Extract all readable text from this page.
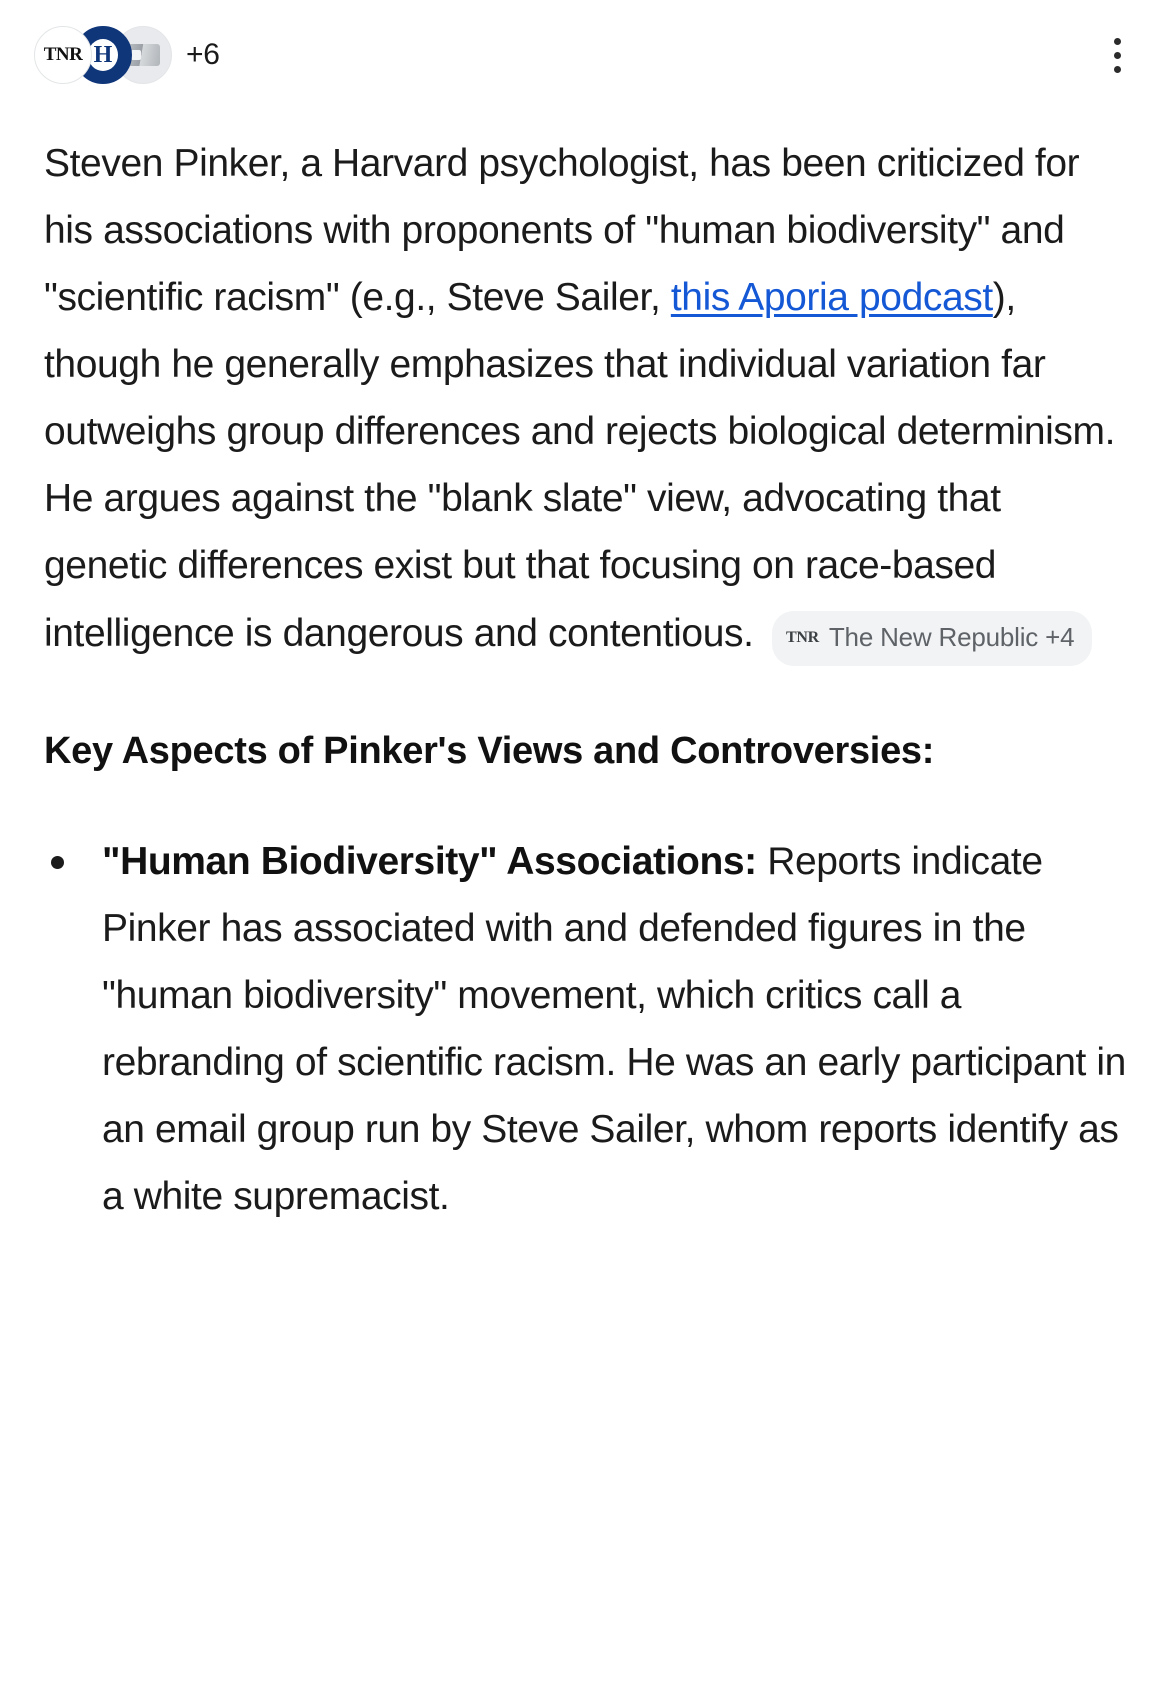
TNR H +6

Steven Pinker, a Harvard psychologist, has been criticized for his associations with proponents of "human biodiversity" and "scientific racism" (e.g., Steve Sailer, this Aporia podcast), though he generally emphasizes that individual variation far outweighs group differences and rejects biological determinism. He argues against the "blank slate" view, advocating that genetic differences exist but that focusing on race-based intelligence is dangerous and contentious. TNR The New Republic +4

Key Aspects of Pinker's Views and Controversies:
"Human Biodiversity" Associations: Reports indicate Pinker has associated with and defended figures in the "human biodiversity" movement, which critics call a rebranding of scientific racism. He was an early participant in an email group run by Steve Sailer, whom reports identify as a white supremacist.
